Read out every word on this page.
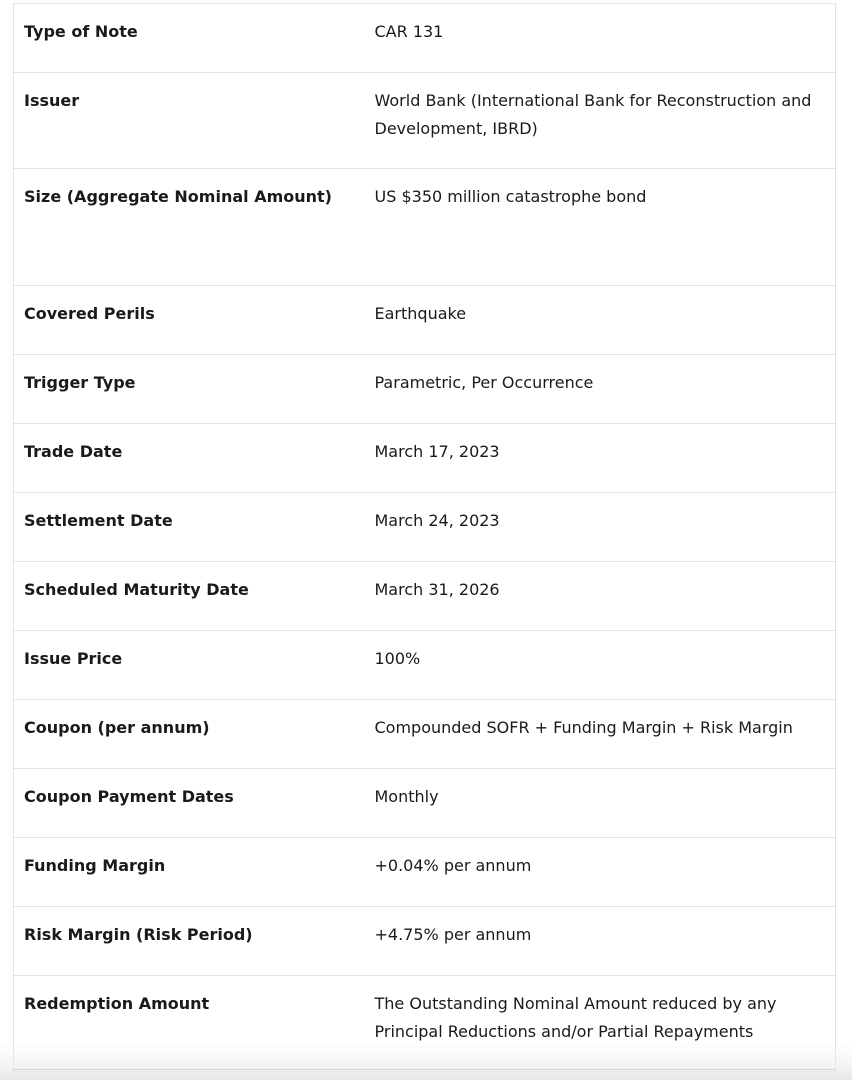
Type of Note	CAR 131
Issuer	World Bank (International Bank for Reconstruction and Development, IBRD)
Size (Aggregate Nominal Amount)	US $350 million catastrophe bond
Covered Perils	Earthquake
Trigger Type	Parametric, Per Occurrence
Trade Date	March 17, 2023
Settlement Date	March 24, 2023
Scheduled Maturity Date	March 31, 2026
Issue Price	100%
Coupon (per annum)	Compounded SOFR + Funding Margin + Risk Margin
Coupon Payment Dates	Monthly
Funding Margin	+0.04% per annum
Risk Margin (Risk Period)	+4.75% per annum
Redemption Amount	The Outstanding Nominal Amount reduced by any Principal Reductions and/or Partial Repayments
